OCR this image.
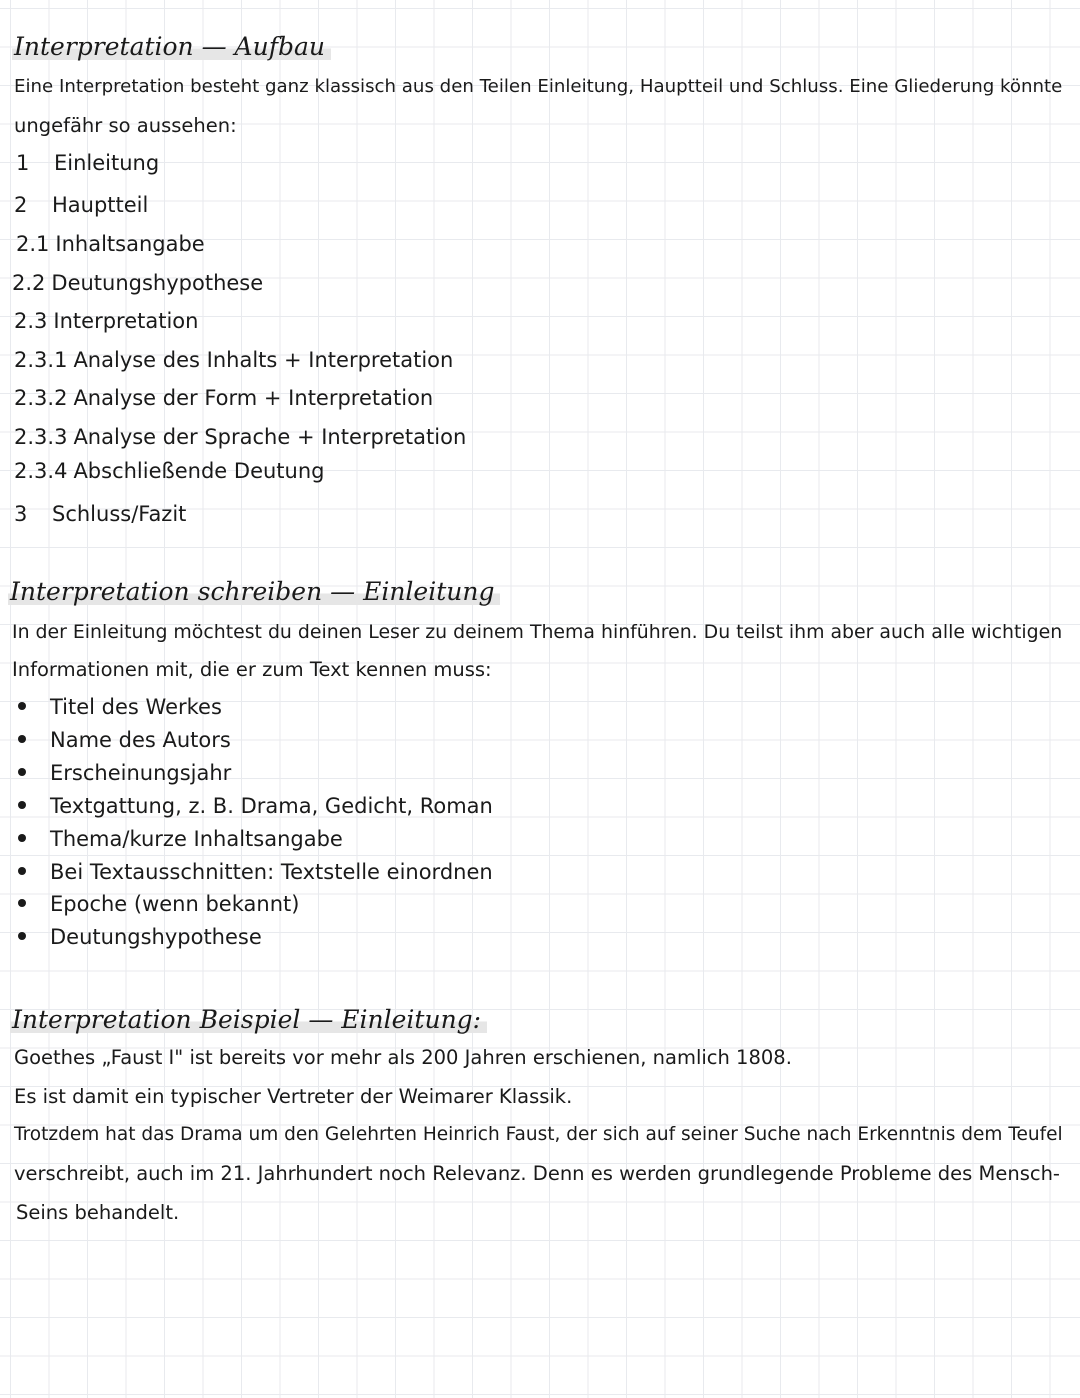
Interpretation — Aufbau
Eine Interpretation besteht ganz klassisch aus den Teilen Einleitung, Hauptteil und Schluss. Eine Gliederung könnte
ungefähr so aussehen:
1 Einleitung
2 Hauptteil
2.1 Inhaltsangabe
2.2 Deutungshypothese
2.3 Interpretation
2.3.1 Analyse des Inhalts + Interpretation
2.3.2 Analyse der Form + Interpretation
2.3.3 Analyse der Sprache + Interpretation
2.3.4 Abschließende Deutung
3 Schluss/Fazit
Interpretation schreiben — Einleitung
In der Einleitung möchtest du deinen Leser zu deinem Thema hinführen. Du teilst ihm aber auch alle wichtigen
Informationen mit, die er zum Text kennen muss:
Titel des Werkes
Name des Autors
Erscheinungsjahr
Textgattung, z. B. Drama, Gedicht, Roman
Thema/kurze Inhaltsangabe
Bei Textausschnitten: Textstelle einordnen
Epoche (wenn bekannt)
Deutungshypothese
Interpretation Beispiel — Einleitung:
Goethes „Faust I" ist bereits vor mehr als 200 Jahren erschienen, namlich 1808.
Es ist damit ein typischer Vertreter der Weimarer Klassik.
Trotzdem hat das Drama um den Gelehrten Heinrich Faust, der sich auf seiner Suche nach Erkenntnis dem Teufel
verschreibt, auch im 21. Jahrhundert noch Relevanz. Denn es werden grundlegende Probleme des Mensch-
Seins behandelt.
